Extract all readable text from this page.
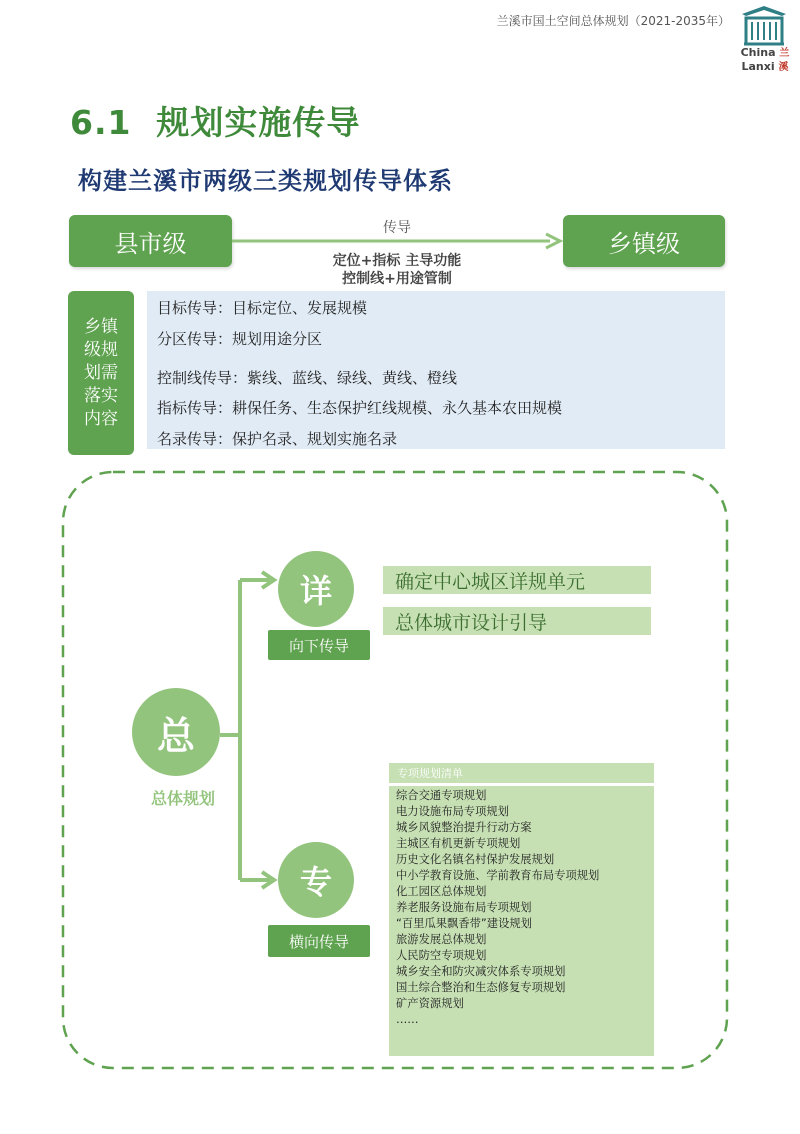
兰溪市国土空间总体规划（2021-2035年）
China 兰
Lanxi 溪
6.1  规划实施传导
构建兰溪市两级三类规划传导体系
县市级	乡镇级
传导
定位+指标 主导功能
控制线+用途管制
乡镇
级规
划需
落实
内容
目标传导：目标定位、发展规模
分区传导：规划用途分区
控制线传导：紫线、蓝线、绿线、黄线、橙线
指标传导：耕保任务、生态保护红线规模、永久基本农田规模
名录传导：保护名录、规划实施名录
总
总体规划
详
向下传导
确定中心城区详规单元
总体城市设计引导
专
横向传导
专项规划清单
综合交通专项规划
电力设施布局专项规划
城乡风貌整治提升行动方案
主城区有机更新专项规划
历史文化名镇名村保护发展规划
中小学教育设施、学前教育布局专项规划
化工园区总体规划
养老服务设施布局专项规划
“百里瓜果飘香带”建设规划
旅游发展总体规划
人民防空专项规划
城乡安全和防灾减灾体系专项规划
国土综合整治和生态修复专项规划
矿产资源规划
……
